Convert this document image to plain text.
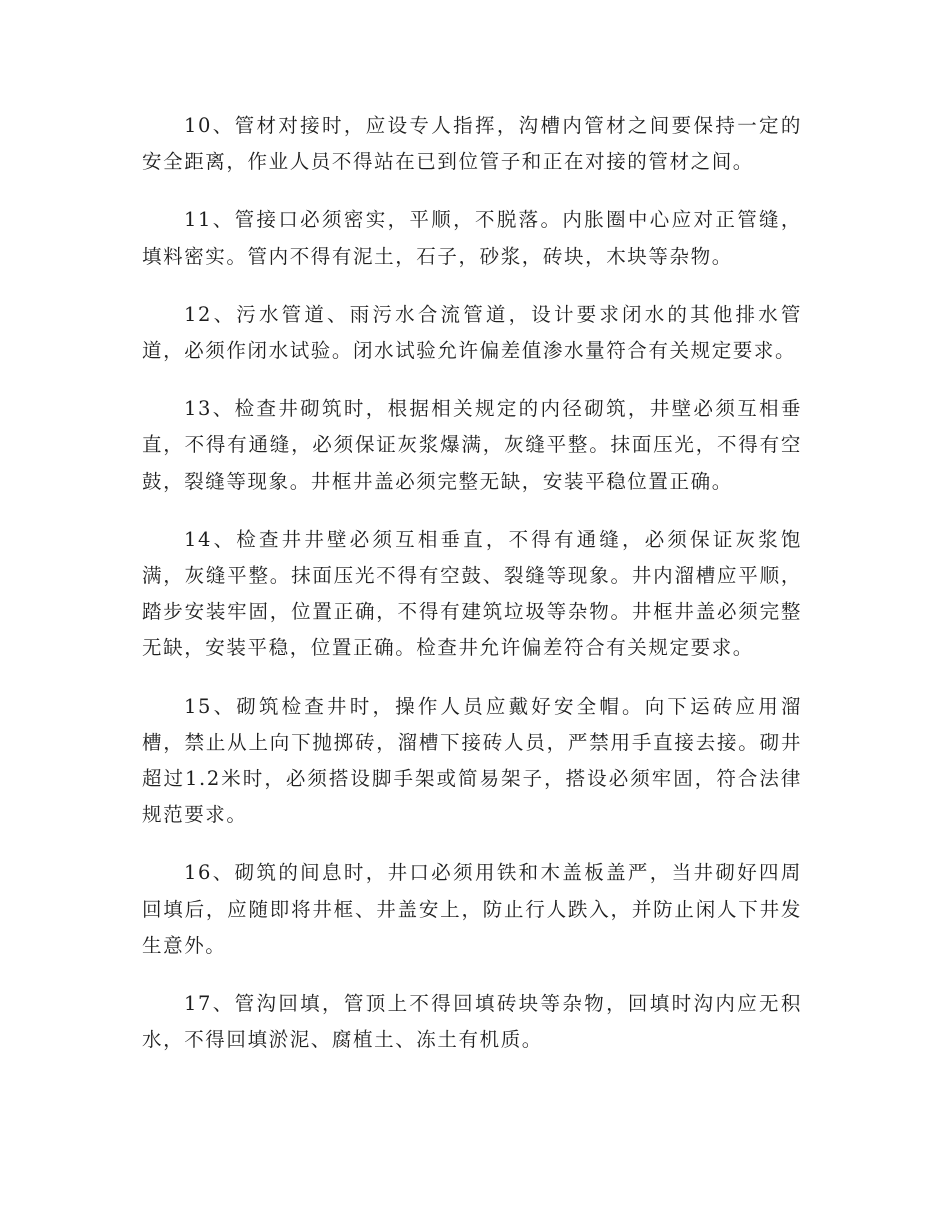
10、管材对接时，应设专人指挥，沟槽内管材之间要保持一定的安全距离，作业人员不得站在已到位管子和正在对接的管材之间。

11、管接口必须密实，平顺，不脱落。内胀圈中心应对正管缝，填料密实。管内不得有泥土，石子，砂浆，砖块，木块等杂物。

12、污水管道、雨污水合流管道，设计要求闭水的其他排水管道，必须作闭水试验。闭水试验允许偏差值渗水量符合有关规定要求。

13、检查井砌筑时，根据相关规定的内径砌筑，井壁必须互相垂直，不得有通缝，必须保证灰浆爆满，灰缝平整。抹面压光，不得有空鼓，裂缝等现象。井框井盖必须完整无缺，安装平稳位置正确。

14、检查井井壁必须互相垂直，不得有通缝，必须保证灰浆饱满，灰缝平整。抹面压光不得有空鼓、裂缝等现象。井内溜槽应平顺，踏步安装牢固，位置正确，不得有建筑垃圾等杂物。井框井盖必须完整无缺，安装平稳，位置正确。检查井允许偏差符合有关规定要求。

15、砌筑检查井时，操作人员应戴好安全帽。向下运砖应用溜槽，禁止从上向下抛掷砖，溜槽下接砖人员，严禁用手直接去接。砌井超过1.2米时，必须搭设脚手架或简易架子，搭设必须牢固，符合法律规范要求。

16、砌筑的间息时，井口必须用铁和木盖板盖严，当井砌好四周回填后，应随即将井框、井盖安上，防止行人跌入，并防止闲人下井发生意外。

17、管沟回填，管顶上不得回填砖块等杂物，回填时沟内应无积水，不得回填淤泥、腐植土、冻土有机质。
